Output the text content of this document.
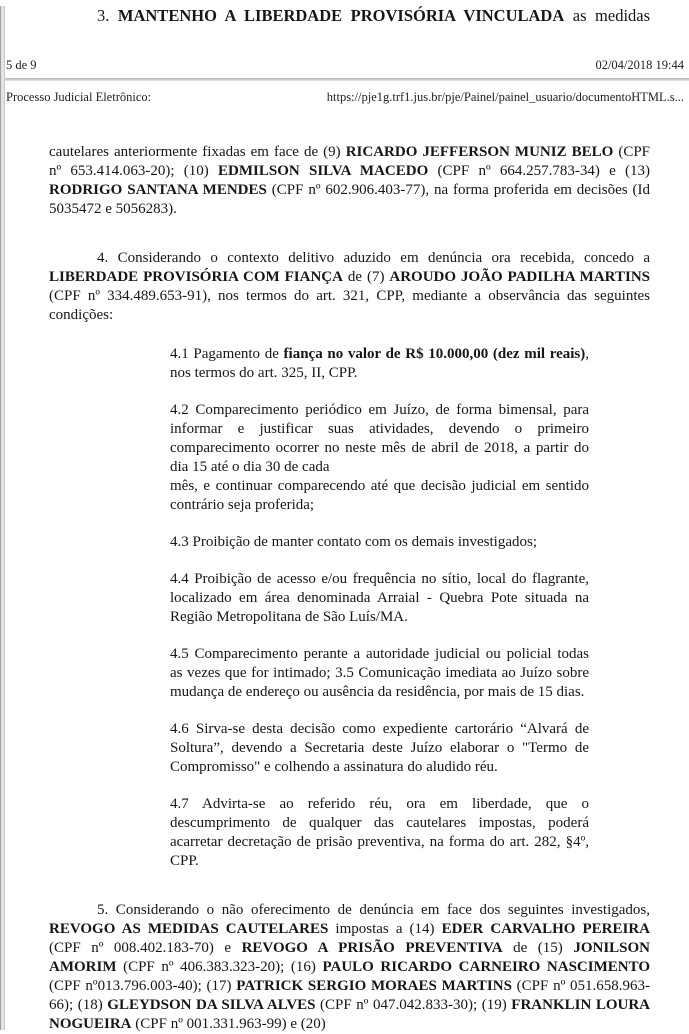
3. MANTENHO A LIBERDADE PROVISÓRIA VINCULADA as medidas

5 de 9	02/04/2018 19:44
Processo Judicial Eletrônico:	https://pje1g.trf1.jus.br/pje/Painel/painel_usuario/documentoHTML.s...

cautelares anteriormente fixadas em face de (9) RICARDO JEFFERSON MUNIZ BELO (CPF nº 653.414.063-20); (10) EDMILSON SILVA MACEDO (CPF nº 664.257.783-34) e (13) RODRIGO SANTANA MENDES (CPF nº 602.906.403-77), na forma proferida em decisões (Id 5035472 e 5056283).

4. Considerando o contexto delitivo aduzido em denúncia ora recebida, concedo a LIBERDADE PROVISÓRIA COM FIANÇA de (7) AROUDO JOÃO PADILHA MARTINS (CPF nº 334.489.653-91), nos termos do art. 321, CPP, mediante a observância das seguintes condições:

4.1 Pagamento de fiança no valor de R$ 10.000,00 (dez mil reais), nos termos do art. 325, II, CPP.

4.2 Comparecimento periódico em Juízo, de forma bimensal, para informar e justificar suas atividades, devendo o primeiro comparecimento ocorrer no neste mês de abril de 2018, a partir do dia 15 até o dia 30 de cada

mês, e continuar comparecendo até que decisão judicial em sentido contrário seja proferida;

4.3 Proibição de manter contato com os demais investigados;

4.4 Proibição de acesso e/ou frequência no sítio, local do flagrante, localizado em área denominada Arraial - Quebra Pote situada na Região Metropolitana de São Luís/MA.

4.5 Comparecimento perante a autoridade judicial ou policial todas as vezes que for intimado; 3.5 Comunicação imediata ao Juízo sobre mudança de endereço ou ausência da residência, por mais de 15 dias.

4.6 Sirva-se desta decisão como expediente cartorário “Alvará de Soltura”, devendo a Secretaria deste Juízo elaborar o "Termo de Compromisso" e colhendo a assinatura do aludido réu.

4.7 Advirta-se ao referido réu, ora em liberdade, que o descumprimento de qualquer das cautelares impostas, poderá acarretar decretação de prisão preventiva, na forma do art. 282, §4º, CPP.

5. Considerando o não oferecimento de denúncia em face dos seguintes investigados, REVOGO AS MEDIDAS CAUTELARES impostas a (14) EDER CARVALHO PEREIRA (CPF nº 008.402.183-70) e REVOGO A PRISÃO PREVENTIVA de (15) JONILSON AMORIM (CPF nº 406.383.323-20); (16) PAULO RICARDO CARNEIRO NASCIMENTO (CPF nº013.796.003-40); (17) PATRICK SERGIO MORAES MARTINS (CPF nº 051.658.963-66); (18) GLEYDSON DA SILVA ALVES (CPF nº 047.042.833-30); (19) FRANKLIN LOURA NOGUEIRA (CPF nº 001.331.963-99) e (20)
